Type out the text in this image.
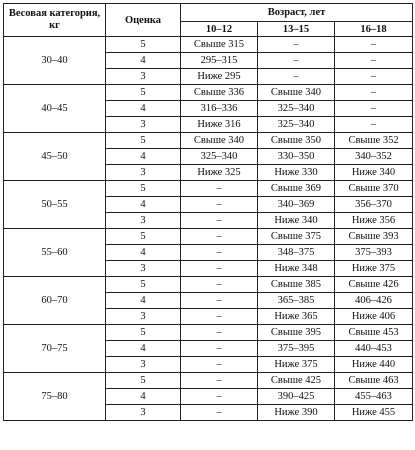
Весовая категория, кг	Оценка	Возраст, лет		
		10–12	13–15	16–18
30–40	5	Свыше 315	–	–
	4	295–315	–	–
	3	Ниже 295	–	–
40–45	5	Свыше 336	Свыше 340	–
	4	316–336	325–340	–
	3	Ниже 316	325–340	–
45–50	5	Свыше 340	Свыше 350	Свыше 352
	4	325–340	330–350	340–352
	3	Ниже 325	Ниже 330	Ниже 340
50–55	5	–	Свыше 369	Свыше 370
	4	–	340–369	356–370
	3	–	Ниже 340	Ниже 356
55–60	5	–	Свыше 375	Свыше 393
	4	–	348–375	375–393
	3	–	Ниже 348	Ниже 375
60–70	5	–	Свыше 385	Свыше 426
	4	–	365–385	406–426
	3	–	Ниже 365	Ниже 406
70–75	5	–	Свыше 395	Свыше 453
	4	–	375–395	440–453
	3	–	Ниже 375	Ниже 440
75–80	5	–	Свыше 425	Свыше 463
	4	–	390–425	455–463
	3	–	Ниже 390	Ниже 455
